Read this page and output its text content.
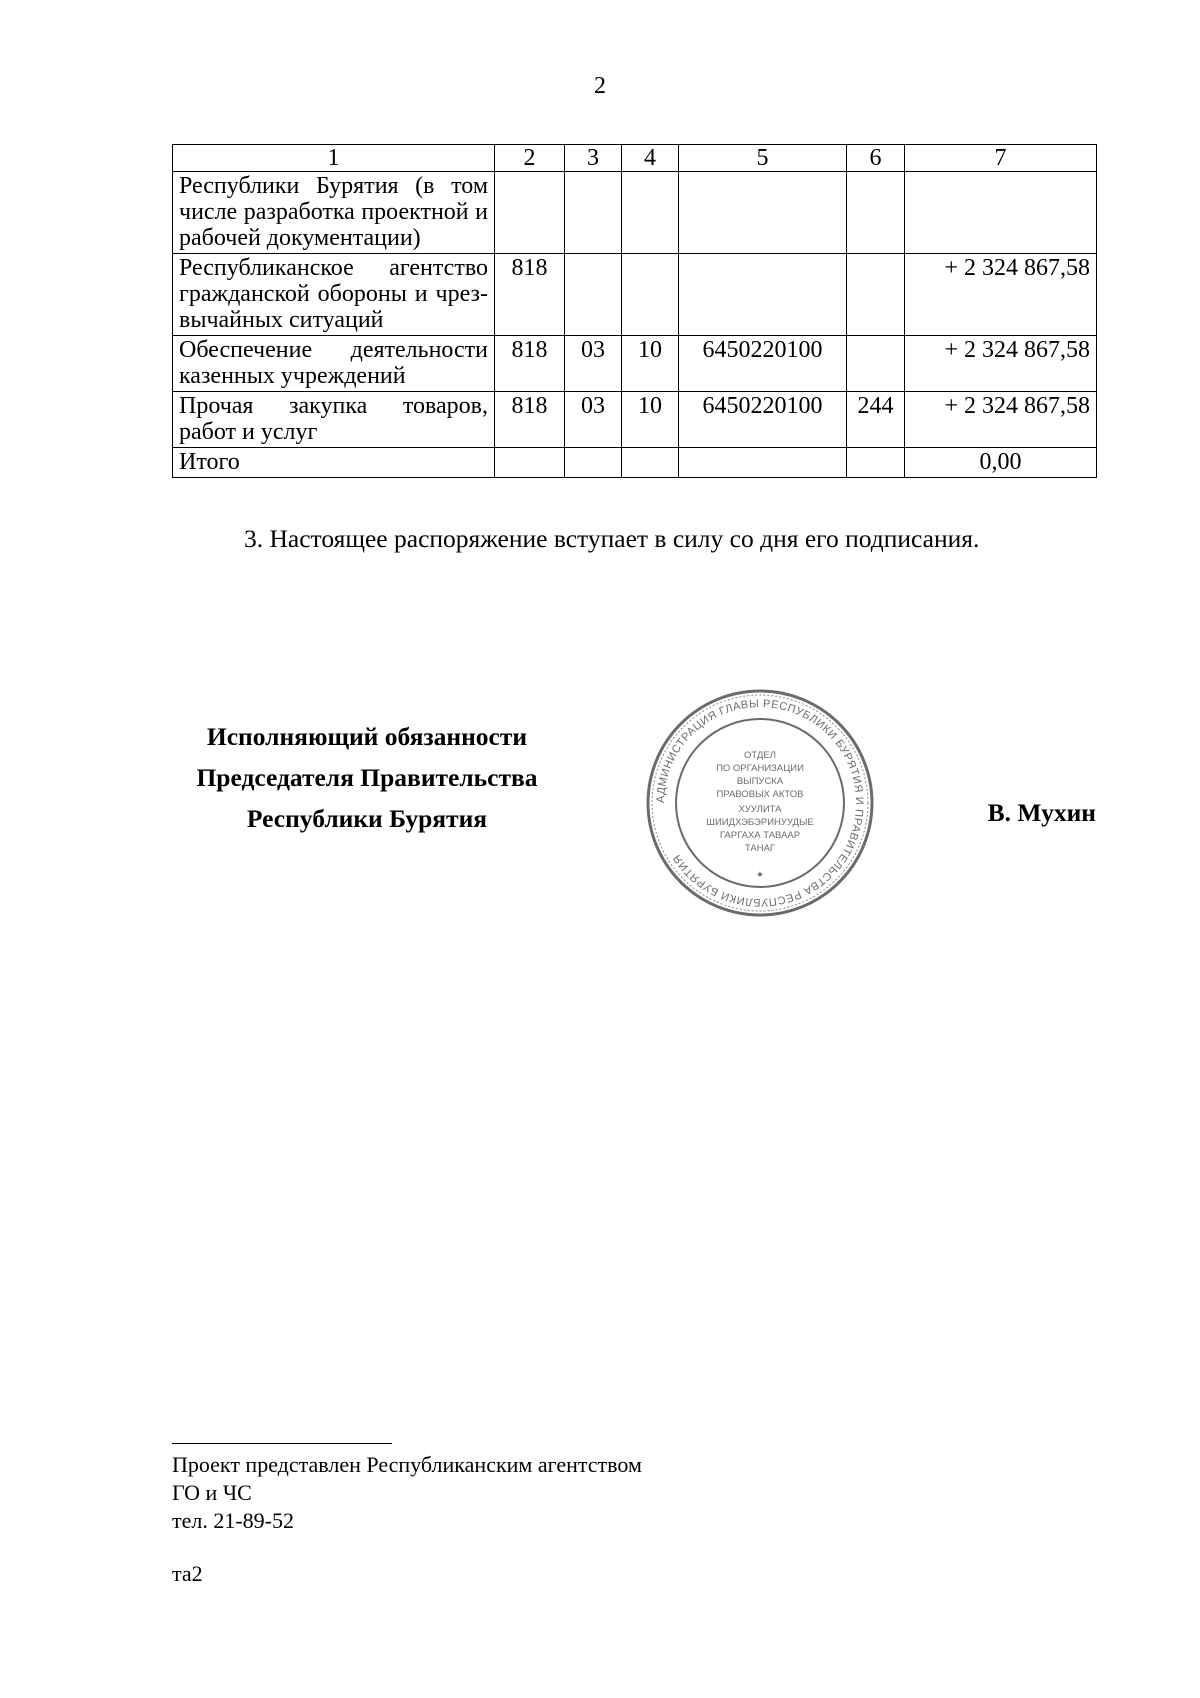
2
1	2	3	4	5	6	7
Республики Бурятия (в том числе разработка проектной и рабочей документации)						
Республиканское агентство гражданской обороны и чрез-вычайных ситуаций	818					+ 2 324 867,58
Обеспечение деятельности казенных учреждений	818	03	10	6450220100		+ 2 324 867,58
Прочая закупка товаров, работ и услуг	818	03	10	6450220100	244	+ 2 324 867,58
Итого						0,00
3. Настоящее распоряжение вступает в силу со дня его подписания.
Исполняющий обязанности
Председателя Правительства
Республики Бурятия
АДМИНИСТРАЦИЯ ГЛАВЫ РЕСПУБЛИКИ БУРЯТИЯ И ПРАВИТЕЛЬСТВА РЕСПУБЛИКИ БУРЯТИЯ
ОТДЕЛ
ПО ОРГАНИЗАЦИИ
ВЫПУСКА
ПРАВОВЫХ АКТОВ
ХУУЛИТА
ШИИДХЭБЭРИНУУДЫЕ
ГАРГАХА ТАВААР
ТАНАГ
✦
В. Мухин
Проект представлен Республиканским агентством
ГО и ЧС
тел. 21-89-52
та2
